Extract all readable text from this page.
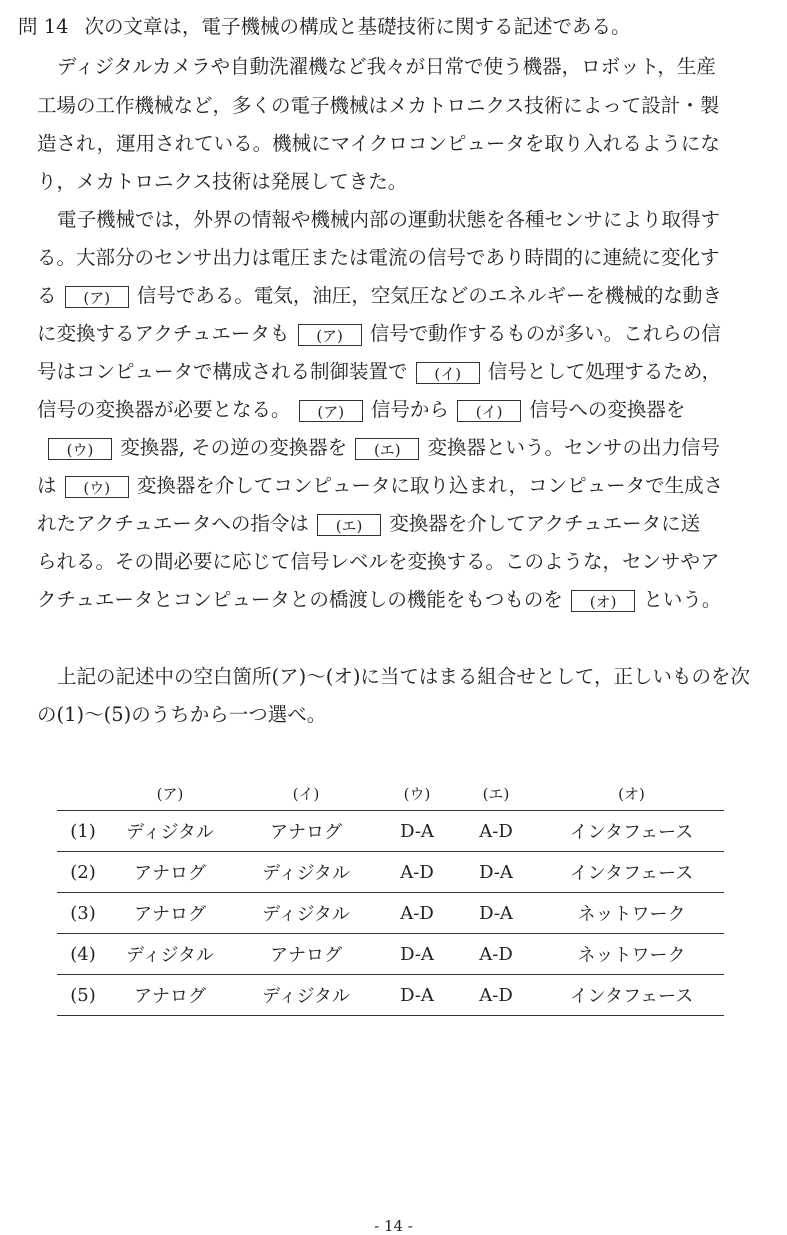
問 14 次の文章は，電子機械の構成と基礎技術に関する記述である。
ディジタルカメラや自動洗濯機など我々が日常で使う機器，ロボット，生産
工場の工作機械など，多くの電子機械はメカトロニクス技術によって設計・製
造され，運用されている。機械にマイクロコンピュータを取り入れるようにな
り，メカトロニクス技術は発展してきた。
電子機械では，外界の情報や機械内部の運動状態を各種センサにより取得す
る。大部分のセンサ出力は電圧または電流の信号であり時間的に連続に変化す
る (ア) 信号である。電気，油圧，空気圧などのエネルギーを機械的な動き
に変換するアクチュエータも (ア) 信号で動作するものが多い。これらの信
号はコンピュータで構成される制御装置で (イ) 信号として処理するため，
信号の変換器が必要となる。 (ア) 信号から (イ) 信号への変換器を
(ウ) 変換器, その逆の変換器を (エ) 変換器という。センサの出力信号
は (ウ) 変換器を介してコンピュータに取り込まれ，コンピュータで生成さ
れたアクチュエータへの指令は (エ) 変換器を介してアクチュエータに送
られる。その間必要に応じて信号レベルを変換する。このような，センサやア
クチュエータとコンピュータとの橋渡しの機能をもつものを (オ) という。
上記の記述中の空白箇所(ア)～(オ)に当てはまる組合せとして，正しいものを次
の(1)～(5)のうちから一つ選べ。
	(ア)	(イ)	(ウ)	(エ)	(オ)
(1)	ディジタル	アナログ	D-A	A-D	インタフェース
(2)	アナログ	ディジタル	A-D	D-A	インタフェース
(3)	アナログ	ディジタル	A-D	D-A	ネットワーク
(4)	ディジタル	アナログ	D-A	A-D	ネットワーク
(5)	アナログ	ディジタル	D-A	A-D	インタフェース
- 14 -
